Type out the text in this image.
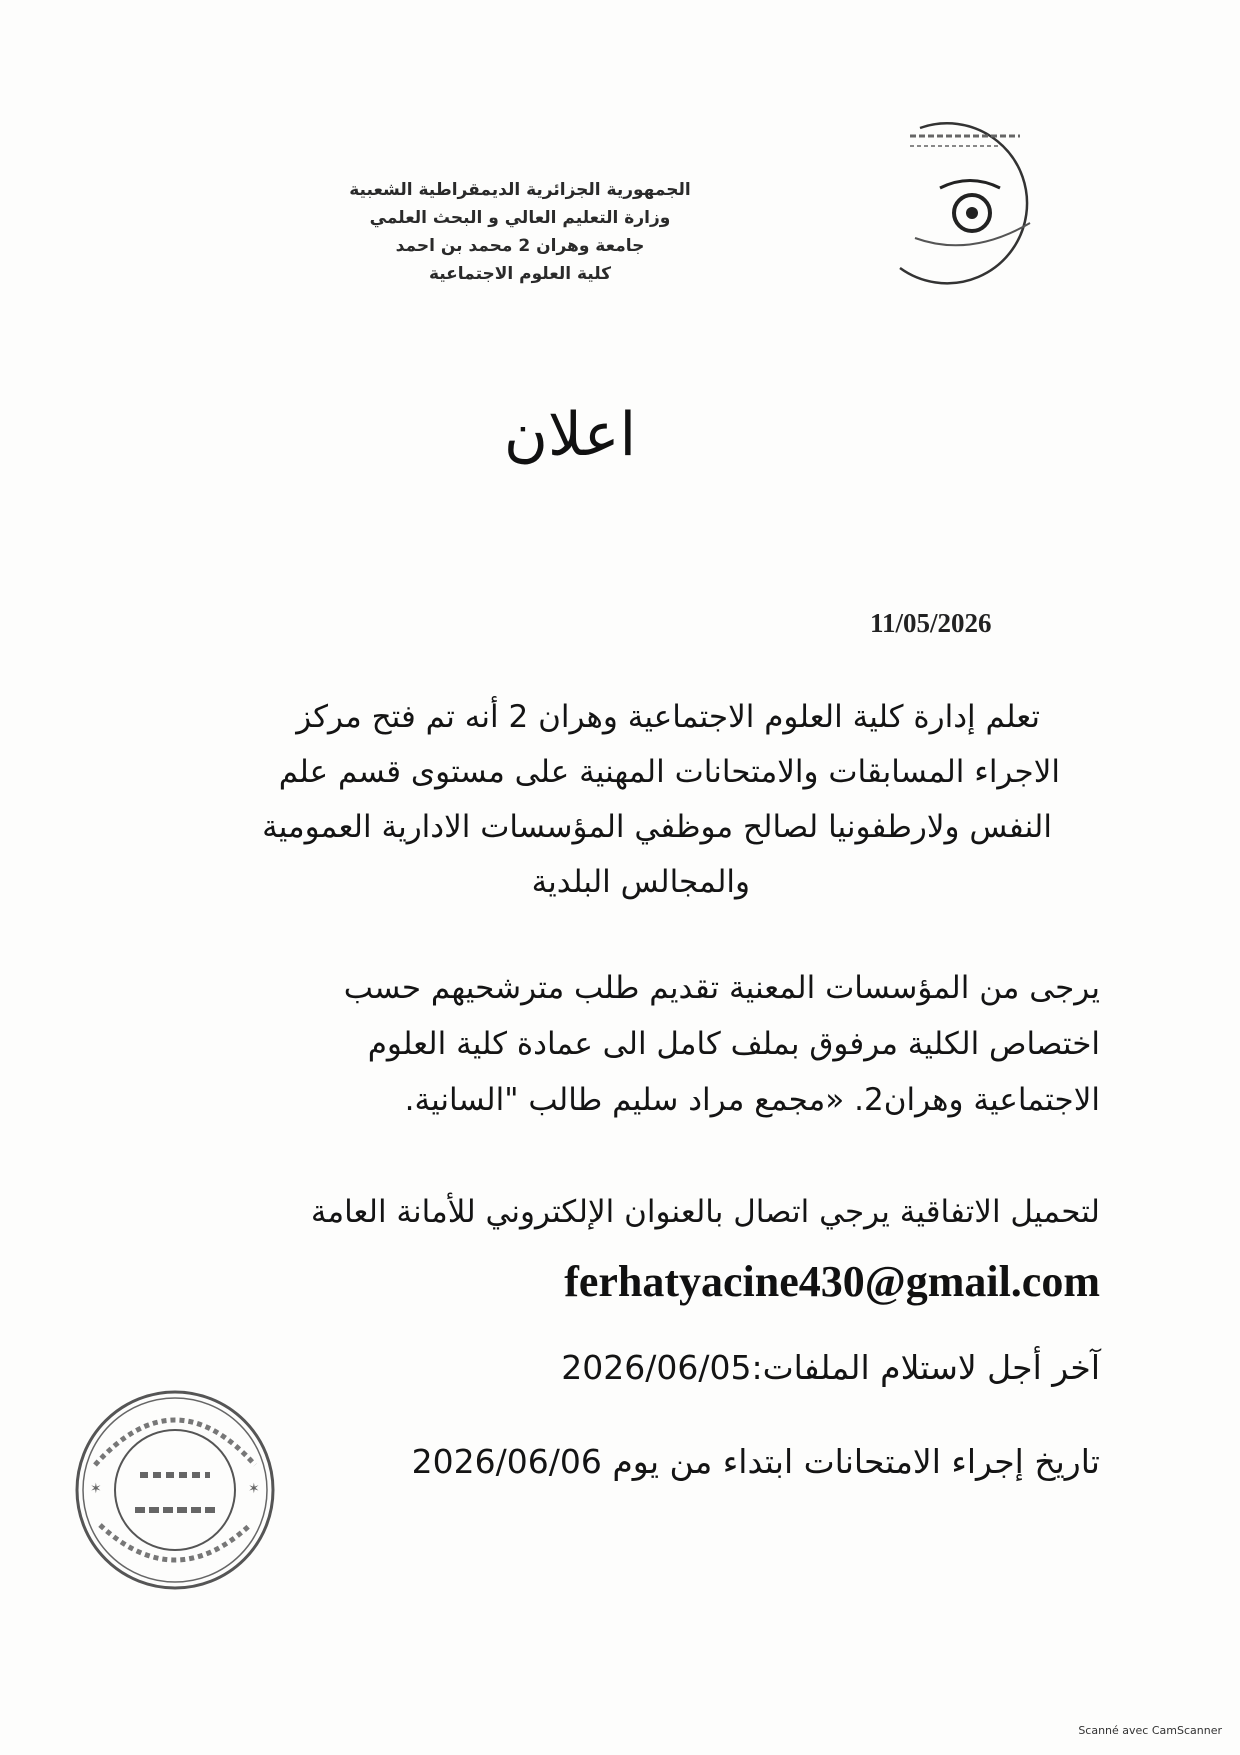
الجمهورية الجزائرية الديمقراطية الشعبية
وزارة التعليم العالي و البحث العلمي
جامعة وهران 2 محمد بن احمد
كلية العلوم الاجتماعية
اعلان
11/05/2026
تعلم إدارة كلية العلوم الاجتماعية وهران 2 أنه تم فتح مركز
الاجراء المسابقات والامتحانات المهنية على مستوى قسم علم
النفس ولارطفونيا لصالح موظفي المؤسسات الادارية العمومية
والمجالس البلدية
يرجى من المؤسسات المعنية تقديم طلب مترشحيهم حسب
اختصاص الكلية مرفوق بملف كامل الى عمادة كلية العلوم
الاجتماعية وهران2. «مجمع مراد سليم طالب "السانية.
لتحميل الاتفاقية يرجي اتصال بالعنوان الإلكتروني للأمانة العامة
ferhatyacine430@gmail.com
آخر أجل لاستلام الملفات:2026/06/05
تاريخ إجراء الامتحانات ابتداء من يوم 2026/06/06
✶	✶
Scanné avec CamScanner
